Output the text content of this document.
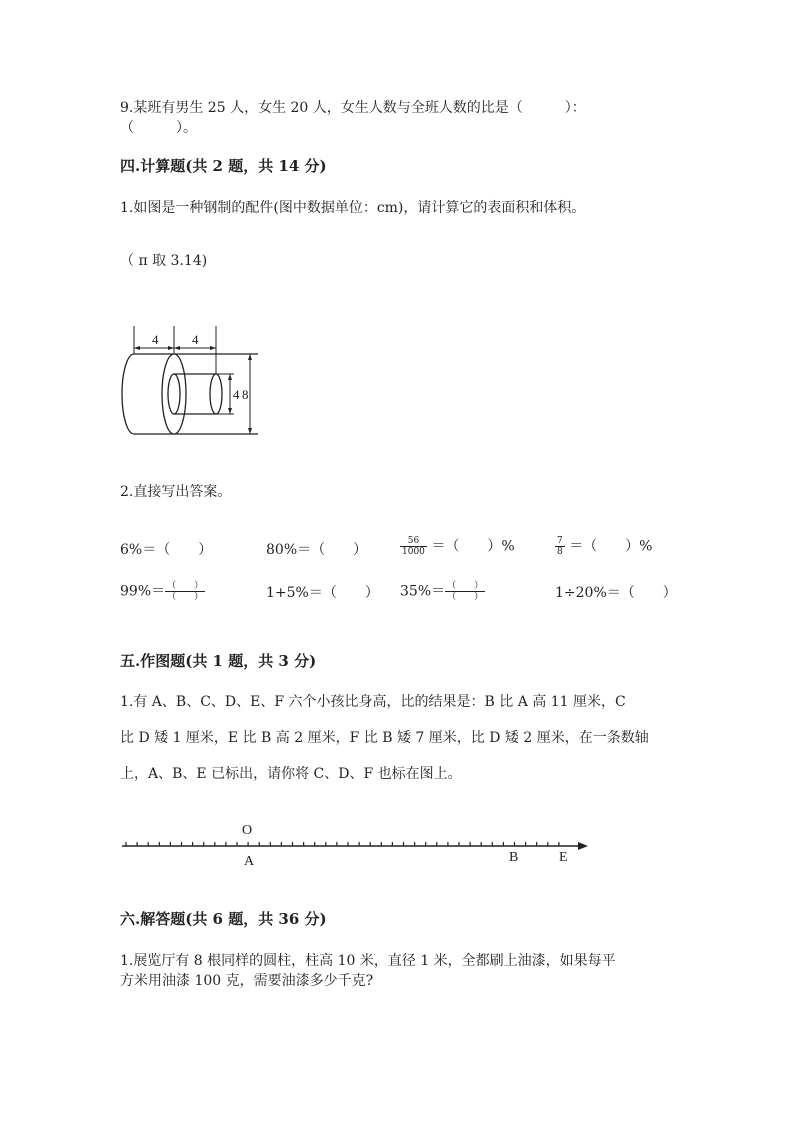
9.某班有男生 25 人，女生 20 人，女生人数与全班人数的比是（　　　）：
（　　　）。
四.计算题(共 2 题，共 14 分)
1.如图是一种钢制的配件(图中数据单位：cm)，请计算它的表面积和体积。
（ π 取 3.14)
4	4
4 8
2.直接写出答案。
6%＝（　　）	80%＝（　　）	$\frac{56}{1000}$ ＝（　　）%	$\frac{7}{8}$ ＝（　　）%
$99\%= \frac{( )}{( )}$	1+5%＝（　　） $35\%= \frac{( )}{( )}$	1÷20%＝（　　）
五.作图题(共 1 题，共 3 分)
1.有 A、B、C、D、E、F 六个小孩比身高，比的结果是：B 比 A 高 11 厘米，C
比 D 矮 1 厘米，E 比 B 高 2 厘米，F 比 B 矮 7 厘米，比 D 矮 2 厘米，在一条数轴
上，A、B、E 已标出，请你将 C、D、F 也标在图上。
O
A	B	E
六.解答题(共 6 题，共 36 分)
1.展览厅有 8 根同样的圆柱，柱高 10 米，直径 1 米，全都刷上油漆，如果每平
方米用油漆 100 克，需要油漆多少千克?
